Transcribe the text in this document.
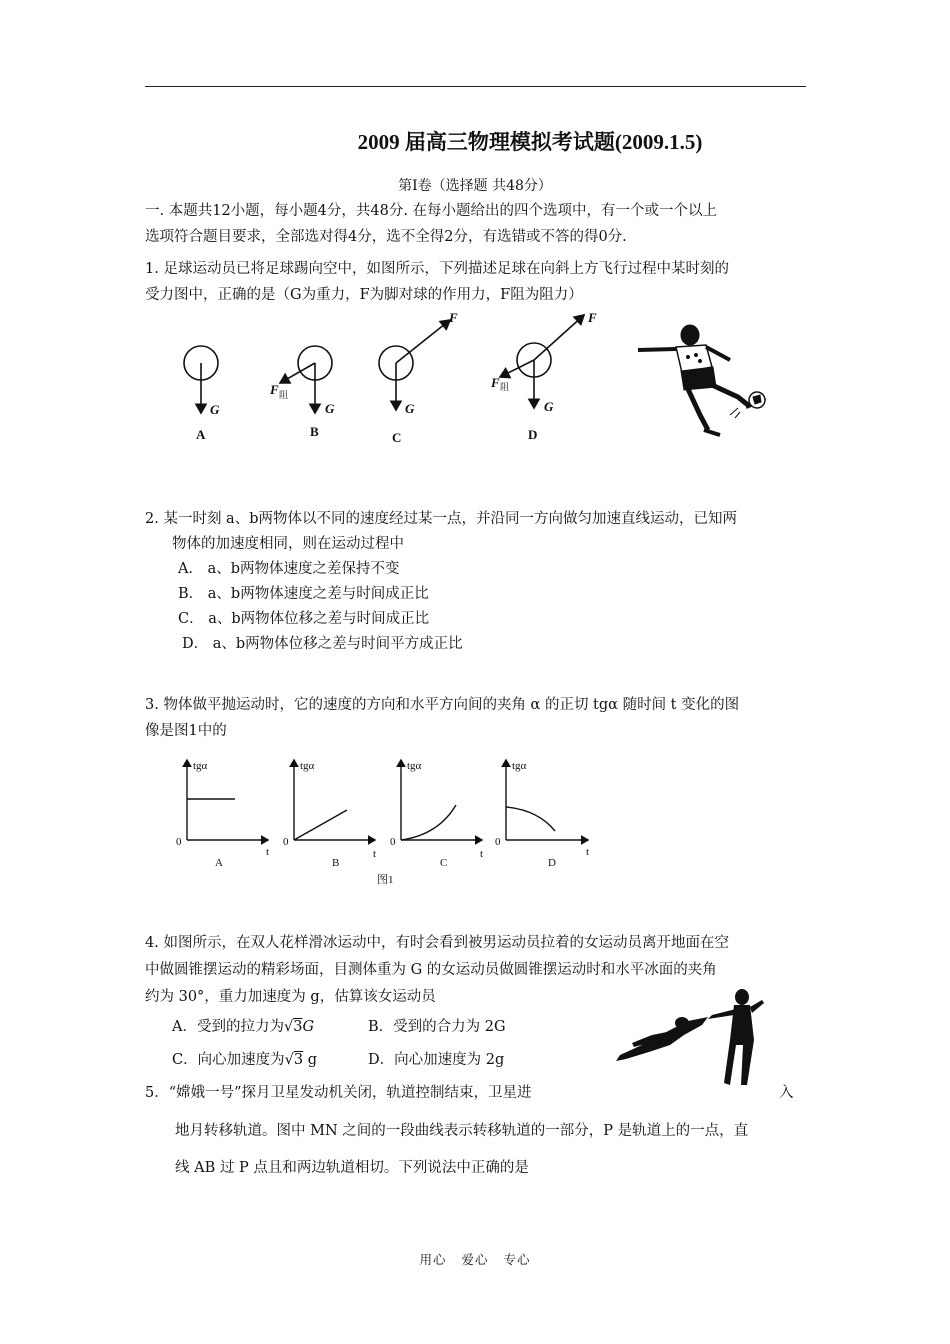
2009 届高三物理模拟考试题(2009.1.5)
第Ⅰ卷（选择题 共48分）
一. 本题共12小题，每小题4分，共48分. 在每小题给出的四个选项中，有一个或一个以上
选项符合题目要求，全部选对得4分，选不全得2分，有选错或不答的得0分.
1. 足球运动员已将足球踢向空中，如图所示，下列描述足球在向斜上方飞行过程中某时刻的
受力图中，正确的是（G为重力，F为脚对球的作用力，F阻为阻力）
G	G	G	G
F	F
F	F
阻
阻
A	B	C	D
2. 某一时刻 a、b两物体以不同的速度经过某一点，并沿同一方向做匀加速直线运动，已知两
物体的加速度相同，则在运动过程中
A． a、b两物体速度之差保持不变
B． a、b两物体速度之差与时间成正比
C． a、b两物体位移之差与时间成正比
D． a、b两物体位移之差与时间平方成正比
3. 物体做平抛运动时，它的速度的方向和水平方向间的夹角 α 的正切 tgα 随时间 t 变化的图
像是图1中的
tgα	tgα	tgα	tgα
t	t	t	t
0	0	0	0
A	B	C	D
图1
4. 如图所示，在双人花样滑冰运动中，有时会看到被男运动员拉着的女运动员离开地面在空
中做圆锥摆运动的精彩场面，目测体重为 G 的女运动员做圆锥摆运动时和水平冰面的夹角
约为 30°，重力加速度为 g，估算该女运动员
A．受到的拉力为√3G	B．受到的合力为 2G
C．向心加速度为√3 g	D．向心加速度为 2g
5．“嫦娥一号”探月卫星发动机关闭，轨道控制结束，卫星进	入
地月转移轨道。图中 MN 之间的一段曲线表示转移轨道的一部分，P 是轨道上的一点，直
线 AB 过 P 点且和两边轨道相切。下列说法中正确的是
用心 爱心 专心
